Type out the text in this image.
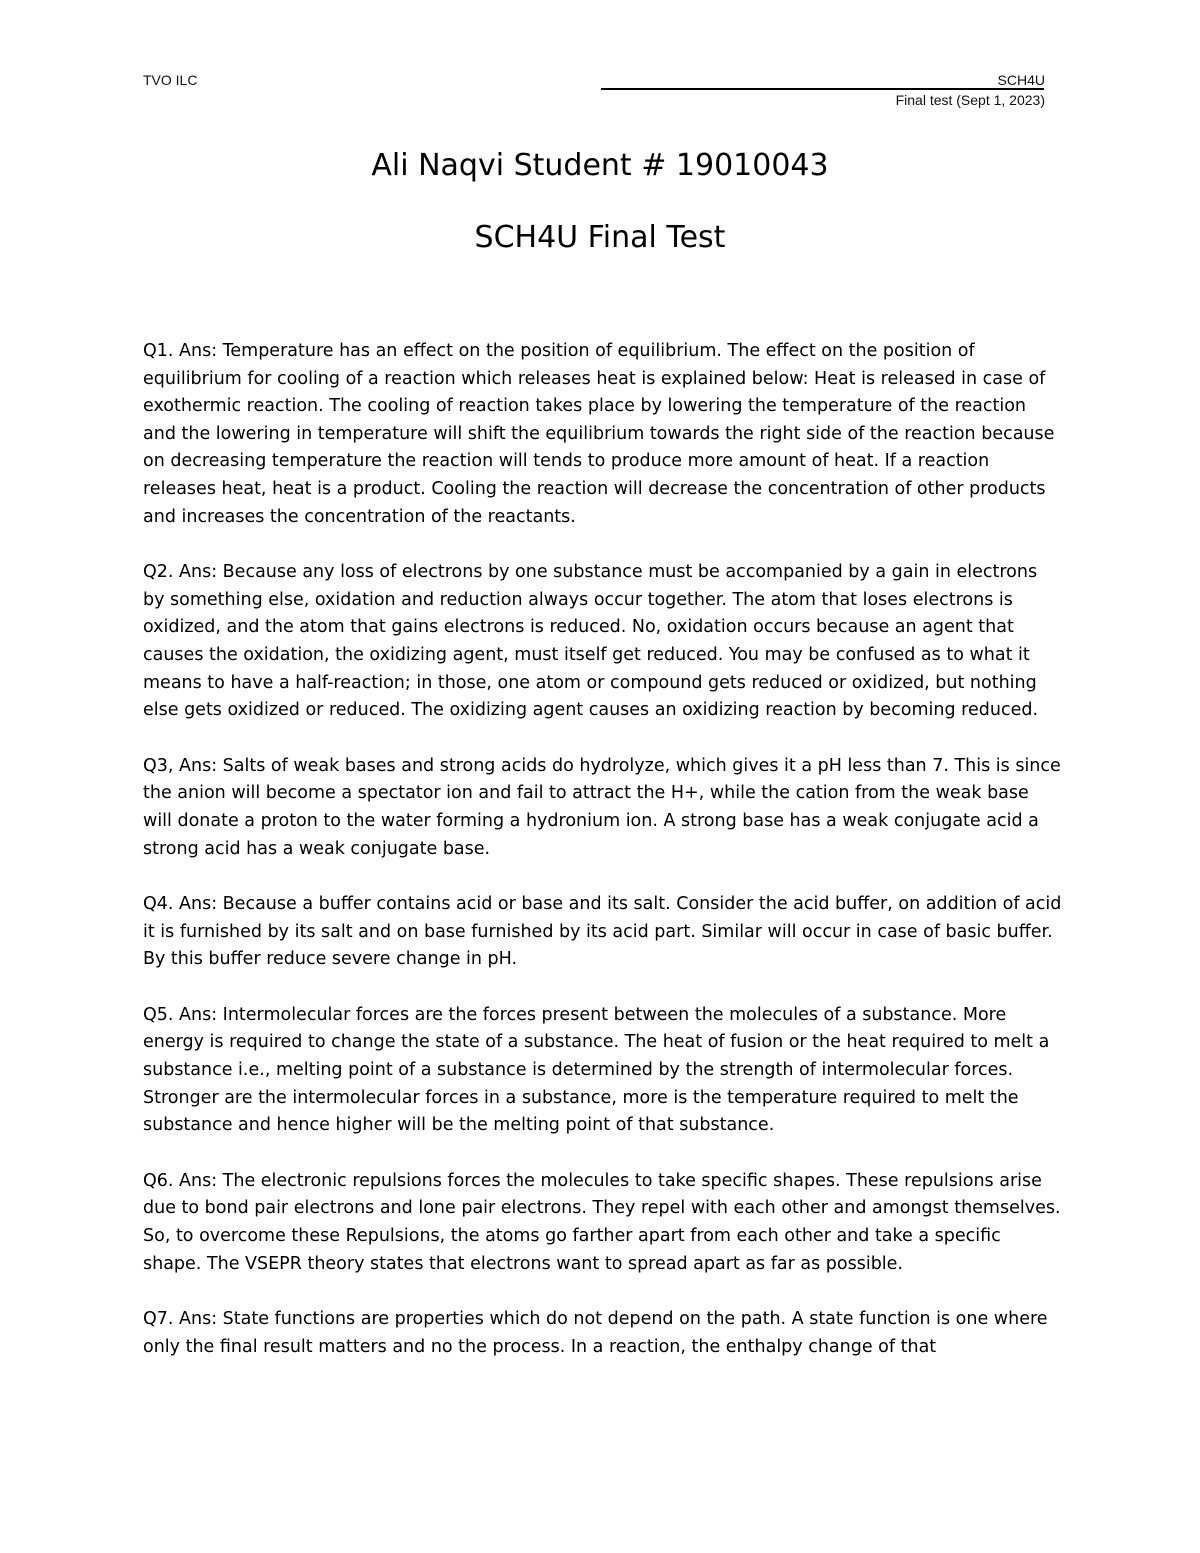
TVO ILC	SCH4U
Final test (Sept 1, 2023)
Ali Naqvi Student # 19010043
SCH4U Final Test

Q1. Ans: Temperature has an effect on the position of equilibrium. The effect on the position of equilibrium for cooling of a reaction which releases heat is explained below: Heat is released in case of exothermic reaction. The cooling of reaction takes place by lowering the temperature of the reaction and the lowering in temperature will shift the equilibrium towards the right side of the reaction because on decreasing temperature the reaction will tends to produce more amount of heat. If a reaction releases heat, heat is a product. Cooling the reaction will decrease the concentration of other products and increases the concentration of the reactants.

Q2. Ans: Because any loss of electrons by one substance must be accompanied by a gain in electrons by something else, oxidation and reduction always occur together. The atom that loses electrons is oxidized, and the atom that gains electrons is reduced. No, oxidation occurs because an agent that causes the oxidation, the oxidizing agent, must itself get reduced. You may be confused as to what it means to have a half-reaction; in those, one atom or compound gets reduced or oxidized, but nothing else gets oxidized or reduced. The oxidizing agent causes an oxidizing reaction by becoming reduced.

Q3, Ans: Salts of weak bases and strong acids do hydrolyze, which gives it a pH less than 7. This is since the anion will become a spectator ion and fail to attract the H+, while the cation from the weak base will donate a proton to the water forming a hydronium ion. A strong base has a weak conjugate acid a strong acid has a weak conjugate base.

Q4. Ans: Because a buffer contains acid or base and its salt. Consider the acid buffer, on addition of acid it is furnished by its salt and on base furnished by its acid part. Similar will occur in case of basic buffer. By this buffer reduce severe change in pH.

Q5. Ans: Intermolecular forces are the forces present between the molecules of a substance. More energy is required to change the state of a substance. The heat of fusion or the heat required to melt a substance i.e., melting point of a substance is determined by the strength of intermolecular forces. Stronger are the intermolecular forces in a substance, more is the temperature required to melt the substance and hence higher will be the melting point of that substance.

Q6. Ans: The electronic repulsions forces the molecules to take specific shapes. These repulsions arise due to bond pair electrons and lone pair electrons. They repel with each other and amongst themselves. So, to overcome these Repulsions, the atoms go farther apart from each other and take a specific shape. The VSEPR theory states that electrons want to spread apart as far as possible.

Q7. Ans: State functions are properties which do not depend on the path. A state function is one where only the final result matters and no the process. In a reaction, the enthalpy change of that
